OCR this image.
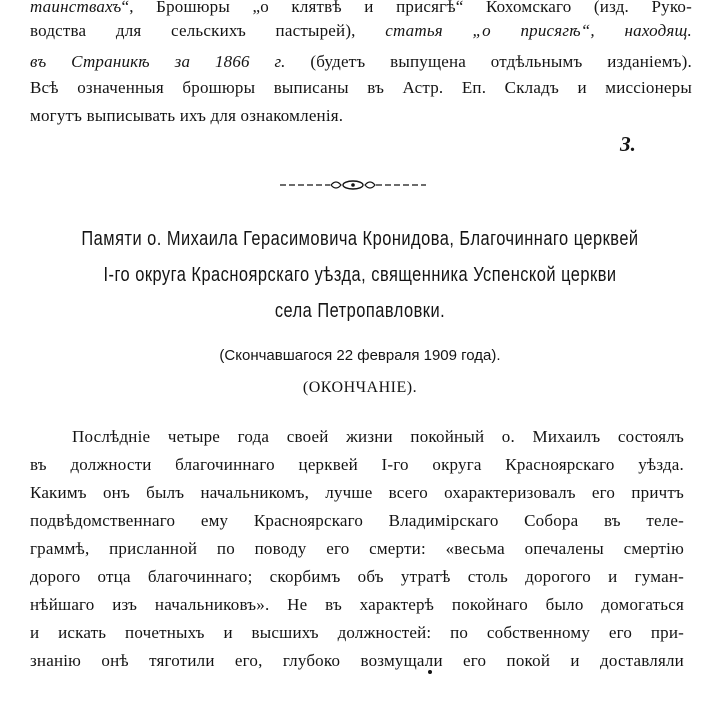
таинствахъ“, Брошюры „о клятвѣ и присягѣ“ Кохомскаго (изд. Руко-
водства для сельскихъ пастырей), статья „о присягѣ“, находящ.
въ Страникѣ за 1866 г. (будетъ выпущена отдѣльнымъ изданіемъ).
Всѣ означенныя брошюры выписаны въ Астр. Еп. Складъ и миссіонеры
могутъ выписывать ихъ для ознакомленія.
З.
Памяти о. Михаила Герасимовича Кронидова, Благочиннаго церквей
I-го округа Красноярскаго уѣзда, священника Успенской церкви
села Петропавловки.
(Скончавшагося 22 февраля 1909 года).
(ОКОНЧАНІЕ).
Послѣдніе четыре года своей жизни покойный о. Михаилъ состоялъ
въ должности благочиннаго церквей I-го округа Красноярскаго уѣзда.
Какимъ онъ былъ начальникомъ, лучше всего охарактеризовалъ его причтъ
подвѣдомственнаго ему Красноярскаго Владимірскаго Собора въ теле-
граммѣ, присланной по поводу его смерти: «весьма опечалены смертію
дорого отца благочиннаго; скорбимъ объ утратѣ столь дорогого и гуман-
нѣйшаго изъ начальниковъ». Не въ характерѣ покойнаго было домогаться
и искать почетныхъ и высшихъ должностей: по собственному его при-
знанію онѣ тяготили его, глубоко возмущали его покой и доставляли
